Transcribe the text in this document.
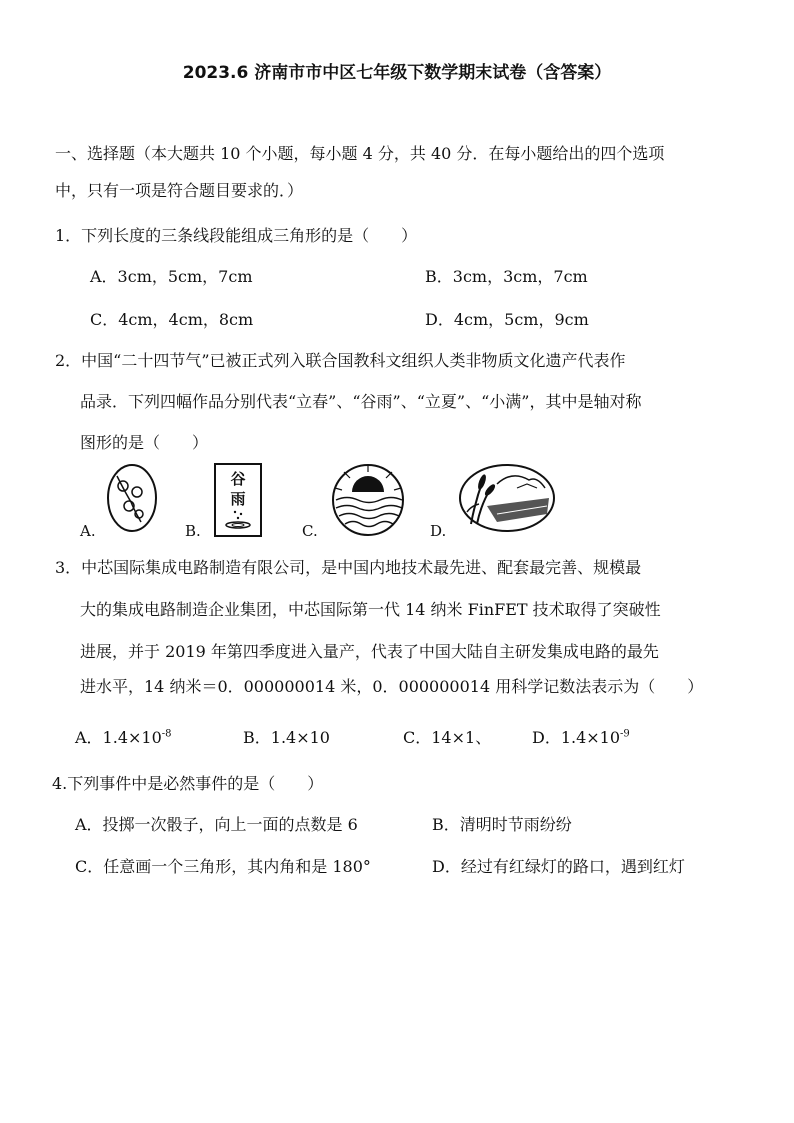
2023.6 济南市市中区七年级下数学期末试卷（含答案）
一、选择题（本大题共 10 个小题，每小题 4 分，共 40 分．在每小题给出的四个选项
中，只有一项是符合题目要求的．）
1．下列长度的三条线段能组成三角形的是（　　）
A．3cm，5cm，7cm	B．3cm，3cm，7cm
C．4cm，4cm，8cm	D．4cm，5cm，9cm
2．中国“二十四节气”已被正式列入联合国教科文组织人类非物质文化遗产代表作
品录．下列四幅作品分别代表“立春”、“谷雨”、“立夏”、“小满”，其中是轴对称
图形的是（　　）
A.
谷
雨
B.	C.	D.
3．中芯国际集成电路制造有限公司，是中国内地技术最先进、配套最完善、规模最
大的集成电路制造企业集团，中芯国际第一代 14 纳米 FinFET 技术取得了突破性
进展，并于 2019 年第四季度进入量产，代表了中国大陆自主研发集成电路的最先
进水平，14 纳米＝0．000000014 米，0．000000014 用科学记数法表示为（　　）
A．$1.4\times 10^{-8}$	B．1.4×10	C．14×1、	D．$1.4\times 10^{-9}$
4.下列事件中是必然事件的是（　　）
A．投掷一次骰子，向上一面的点数是 6	B．清明时节雨纷纷
C．任意画一个三角形，其内角和是 180°	D．经过有红绿灯的路口，遇到红灯
